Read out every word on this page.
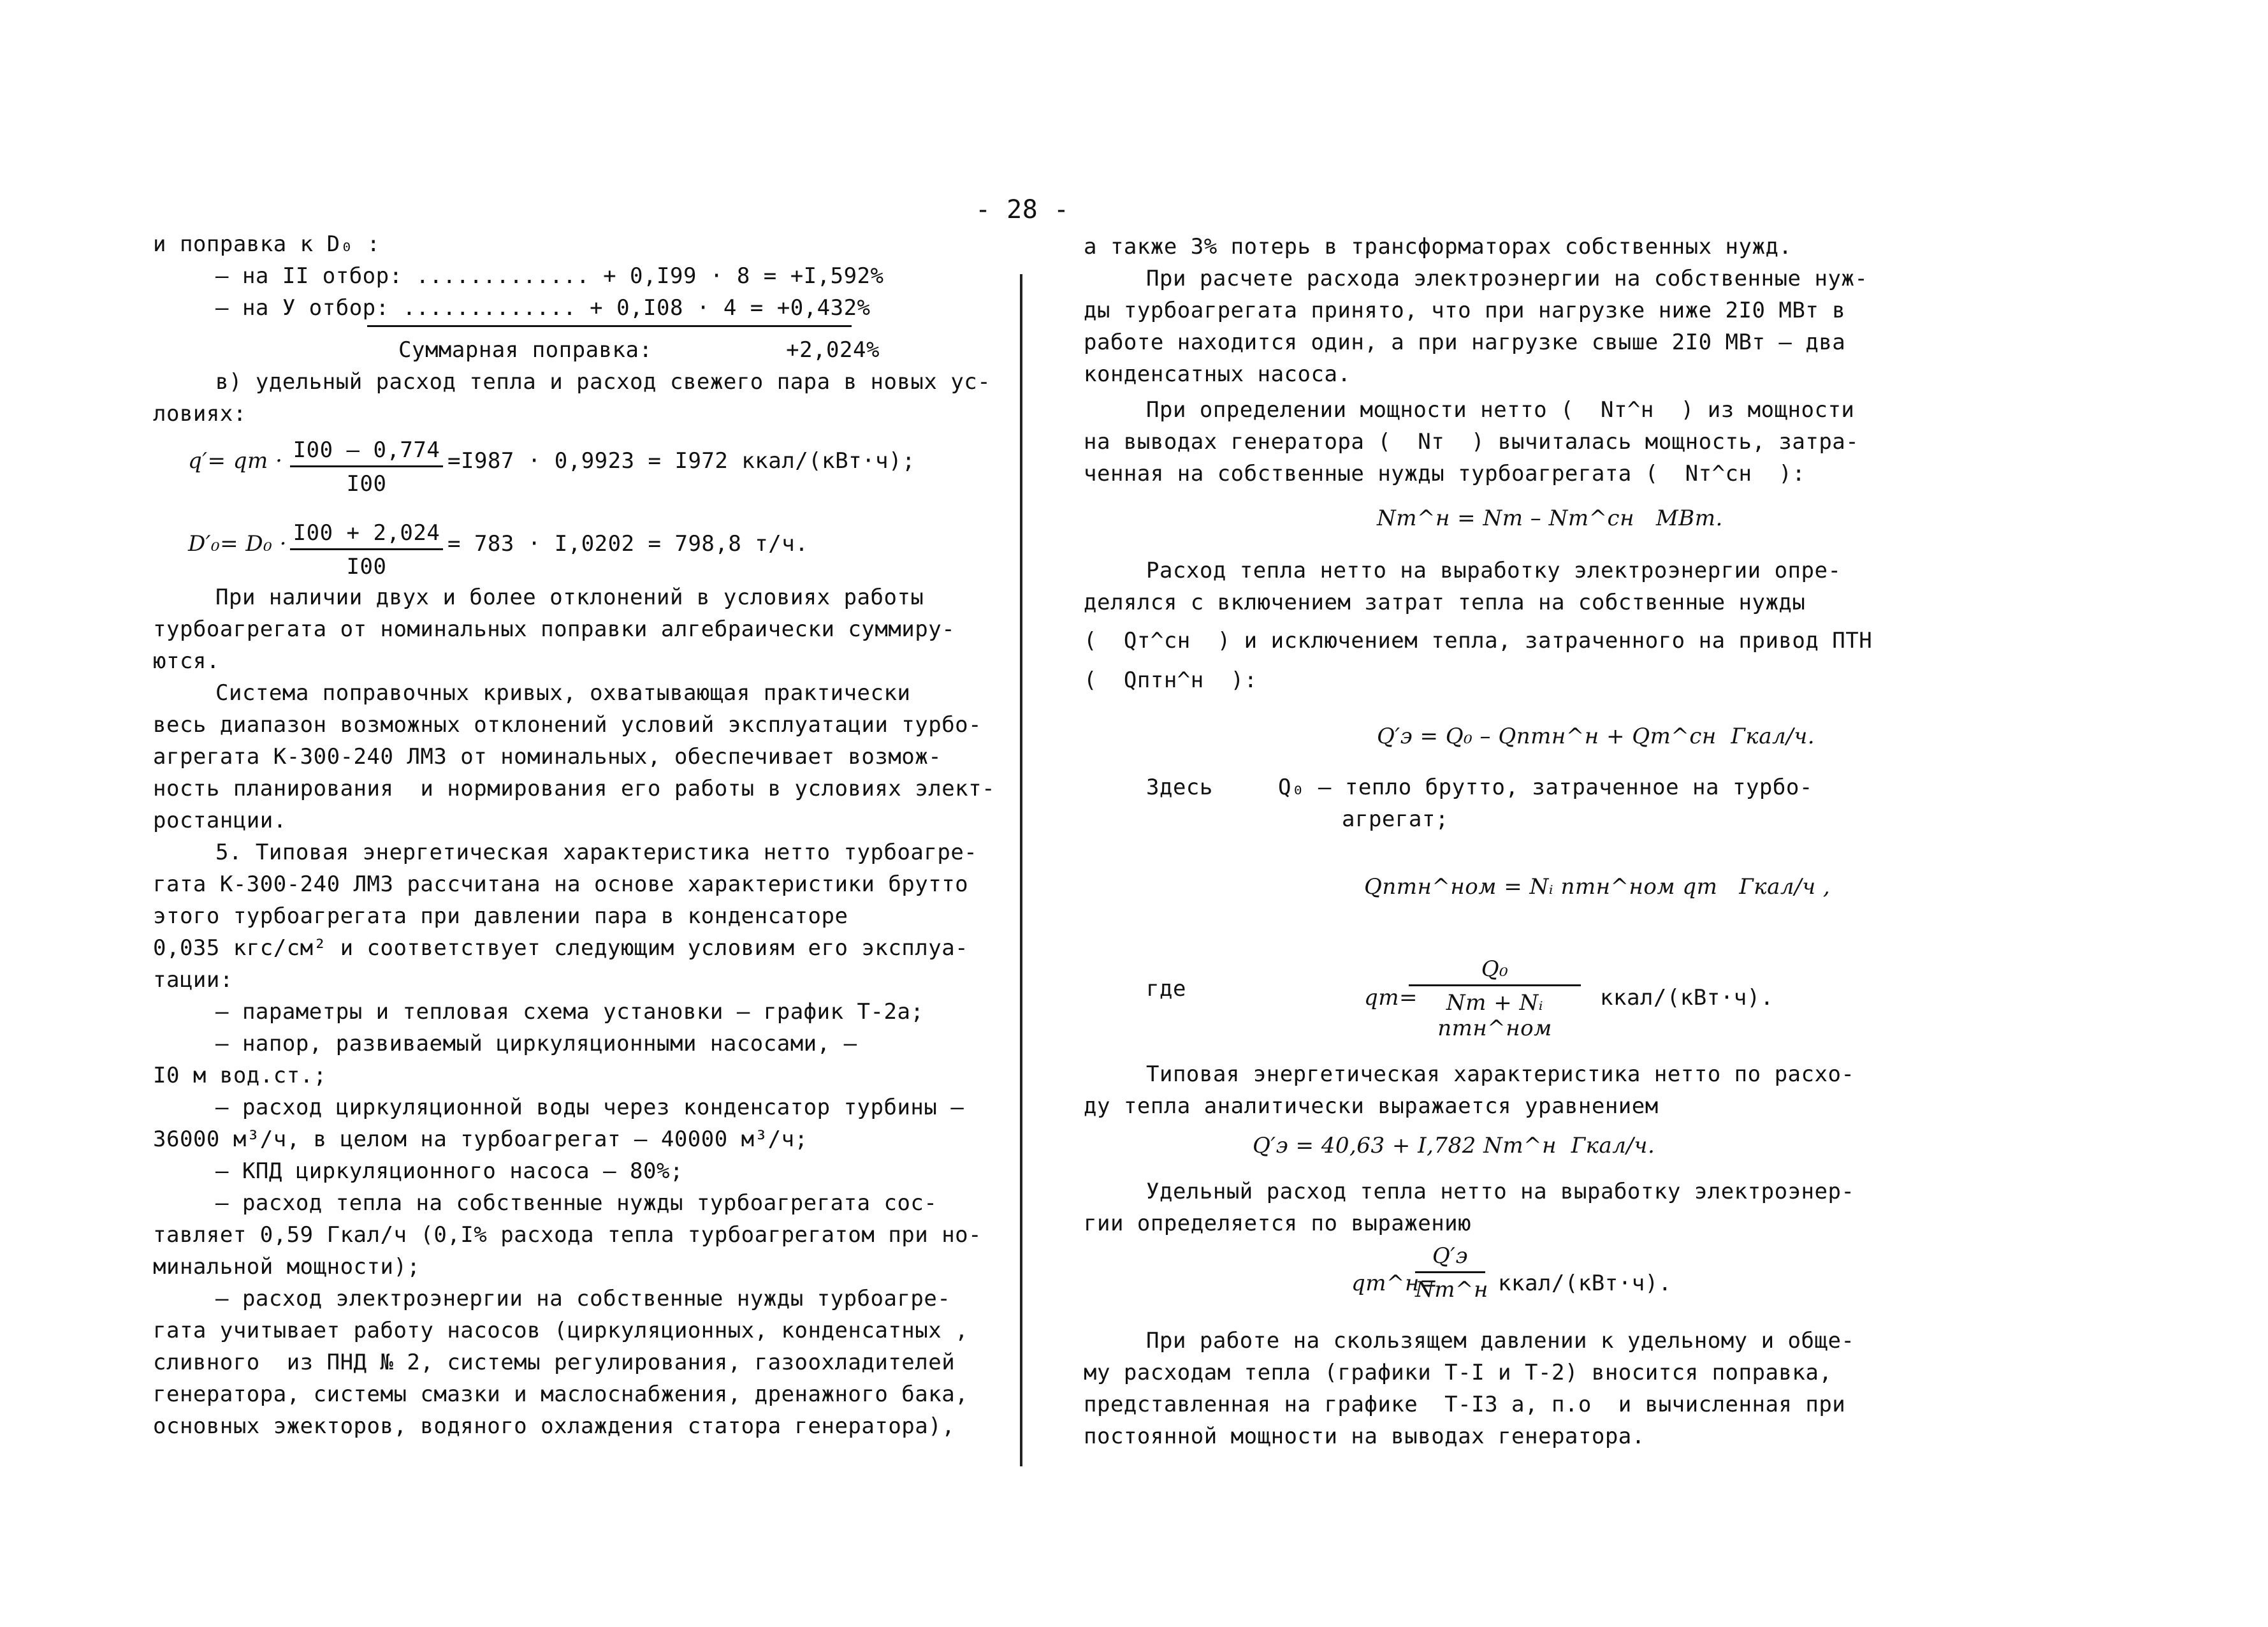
- 28 -
и поправка к D₀ :
– на II отбор: ............. + 0,I99 · 8 = +I,592%
– на У отбор: ............. + 0,I08 · 4 = +0,432%
Суммарная поправка:          +2,024%
в) удельный расход тепла и расход свежего пара в новых ус-
ловиях:
q′= qт · $\frac{I00 - 0,774}{I00} =I987 \cdot 0,9923 = I972$ ккал/(кВт·ч);
$D'_0= D_0 \cdot \frac{I00 + 2,024}{I00} = 783 \cdot I,0202 = 798,8$ т/ч.
При наличии двух и более отклонений в условиях работы
турбоагрегата от номинальных поправки алгебраически суммиру-
ются.
Система поправочных кривых, охватывающая практически
весь диапазон возможных отклонений условий эксплуатации турбо-
агрегата К-300-240 ЛМЗ от номинальных, обеспечивает возмож-
ность планирования  и нормирования его работы в условиях элект-
ростанции.
5. Типовая энергетическая характеристика нетто турбоагре-
гата К-300-240 ЛМЗ рассчитана на основе характеристики брутто
этого турбоагрегата при давлении пара в конденсаторе
0,035 кгс/см² и соответствует следующим условиям его эксплуа-
тации:
– параметры и тепловая схема установки – график Т-2а;
– напор, развиваемый циркуляционными насосами, –
I0 м вод.ст.;
– расход циркуляционной воды через конденсатор турбины –
36000 м³/ч, в целом на турбоагрегат – 40000 м³/ч;
– КПД циркуляционного насоса – 80%;
– расход тепла на собственные нужды турбоагрегата сос-
тавляет 0,59 Гкал/ч (0,I% расхода тепла турбоагрегатом при но-
минальной мощности);
– расход электроэнергии на собственные нужды турбоагре-
гата учитывает работу насосов (циркуляционных, конденсатных ,
сливного  из ПНД № 2, системы регулирования, газоохладителей
генератора, системы смазки и маслоснабжения, дренажного бака,
основных эжекторов, водяного охлаждения статора генератора),
а также 3% потерь в трансформаторах собственных нужд.
При расчете расхода электроэнергии на собственные нуж-
ды турбоагрегата принято, что при нагрузке ниже 2I0 МВт в
работе находится один, а при нагрузке свыше 2I0 МВт – два
конденсатных насоса.
При определении мощности нетто (  Nт^н  ) из мощности
на выводах генератора (  Nт  ) вычиталась мощность, затра-
ченная на собственные нужды турбоагрегата (  Nт^сн  ):
Nт^н = Nт – Nт^сн   МВт.
Расход тепла нетто на выработку электроэнергии опре-
делялся с включением затрат тепла на собственные нужды
(  Qт^сн  ) и исключением тепла, затраченного на привод ПТН
(  Qптн^н  ):
Q′э = Q₀ – Qптн^н + Qт^сн  Гкал/ч.
Здесь	Q₀ – тепло брутто, затраченное на турбо-
агрегат;
Qптн^ном = Nᵢ птн^ном qт   Гкал/ч ,
где	qт=
Q₀
Nт + Nᵢ птн^ном
ккал/(кВт·ч).
Типовая энергетическая характеристика нетто по расхо-
ду тепла аналитически выражается уравнением
Q′э = 40,63 + I,782 Nт^н  Гкал/ч.
Удельный расход тепла нетто на выработку электроэнер-
гии определяется по выражению
qт^н=
Q′э
Nт^н ккал/(кВт·ч).
При работе на скользящем давлении к удельному и обще-
му расходам тепла (графики Т-I и Т-2) вносится поправка,
представленная на графике  Т-I3 а, п.о  и вычисленная при
постоянной мощности на выводах генератора.
